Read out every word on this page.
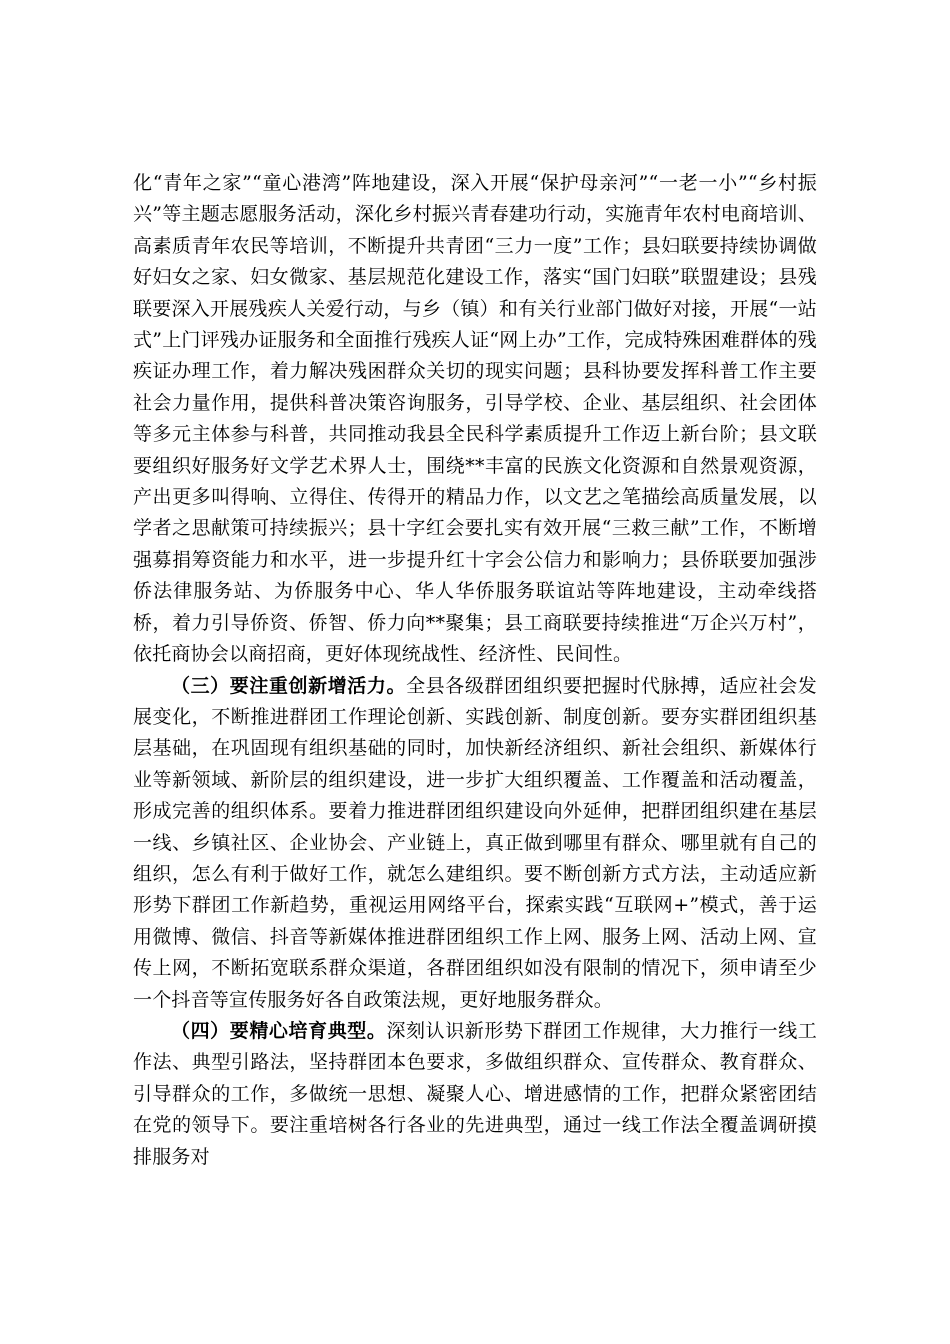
化“青年之家”“童心港湾”阵地建设，深入开展“保护母亲河”“一老一小”“乡村振兴”等主题志愿服务活动，深化乡村振兴青春建功行动，实施青年农村电商培训、高素质青年农民等培训，不断提升共青团“三力一度”工作；县妇联要持续协调做好妇女之家、妇女微家、基层规范化建设工作，落实“国门妇联”联盟建设；县残联要深入开展残疾人关爱行动，与乡（镇）和有关行业部门做好对接，开展“一站式”上门评残办证服务和全面推行残疾人证“网上办”工作，完成特殊困难群体的残疾证办理工作，着力解决残困群众关切的现实问题；县科协要发挥科普工作主要社会力量作用，提供科普决策咨询服务，引导学校、企业、基层组织、社会团体等多元主体参与科普，共同推动我县全民科学素质提升工作迈上新台阶；县文联要组织好服务好文学艺术界人士，围绕**丰富的民族文化资源和自然景观资源，产出更多叫得响、立得住、传得开的精品力作，以文艺之笔描绘高质量发展，以学者之思献策可持续振兴；县十字红会要扎实有效开展“三救三献”工作，不断增强募捐筹资能力和水平，进一步提升红十字会公信力和影响力；县侨联要加强涉侨法律服务站、为侨服务中心、华人华侨服务联谊站等阵地建设，主动牵线搭桥，着力引导侨资、侨智、侨力向**聚集；县工商联要持续推进“万企兴万村”，依托商协会以商招商，更好体现统战性、经济性、民间性。

（三）要注重创新增活力。全县各级群团组织要把握时代脉搏，适应社会发展变化，不断推进群团工作理论创新、实践创新、制度创新。要夯实群团组织基层基础，在巩固现有组织基础的同时，加快新经济组织、新社会组织、新媒体行业等新领域、新阶层的组织建设，进一步扩大组织覆盖、工作覆盖和活动覆盖，形成完善的组织体系。要着力推进群团组织建设向外延伸，把群团组织建在基层一线、乡镇社区、企业协会、产业链上，真正做到哪里有群众、哪里就有自己的组织，怎么有利于做好工作，就怎么建组织。要不断创新方式方法，主动适应新形势下群团工作新趋势，重视运用网络平台，探索实践“互联网+”模式，善于运用微博、微信、抖音等新媒体推进群团组织工作上网、服务上网、活动上网、宣传上网，不断拓宽联系群众渠道，各群团组织如没有限制的情况下，须申请至少一个抖音等宣传服务好各自政策法规，更好地服务群众。

（四）要精心培育典型。深刻认识新形势下群团工作规律，大力推行一线工作法、典型引路法，坚持群团本色要求，多做组织群众、宣传群众、教育群众、引导群众的工作，多做统一思想、凝聚人心、增进感情的工作，把群众紧密团结在党的领导下。要注重培树各行各业的先进典型，通过一线工作法全覆盖调研摸排服务对
